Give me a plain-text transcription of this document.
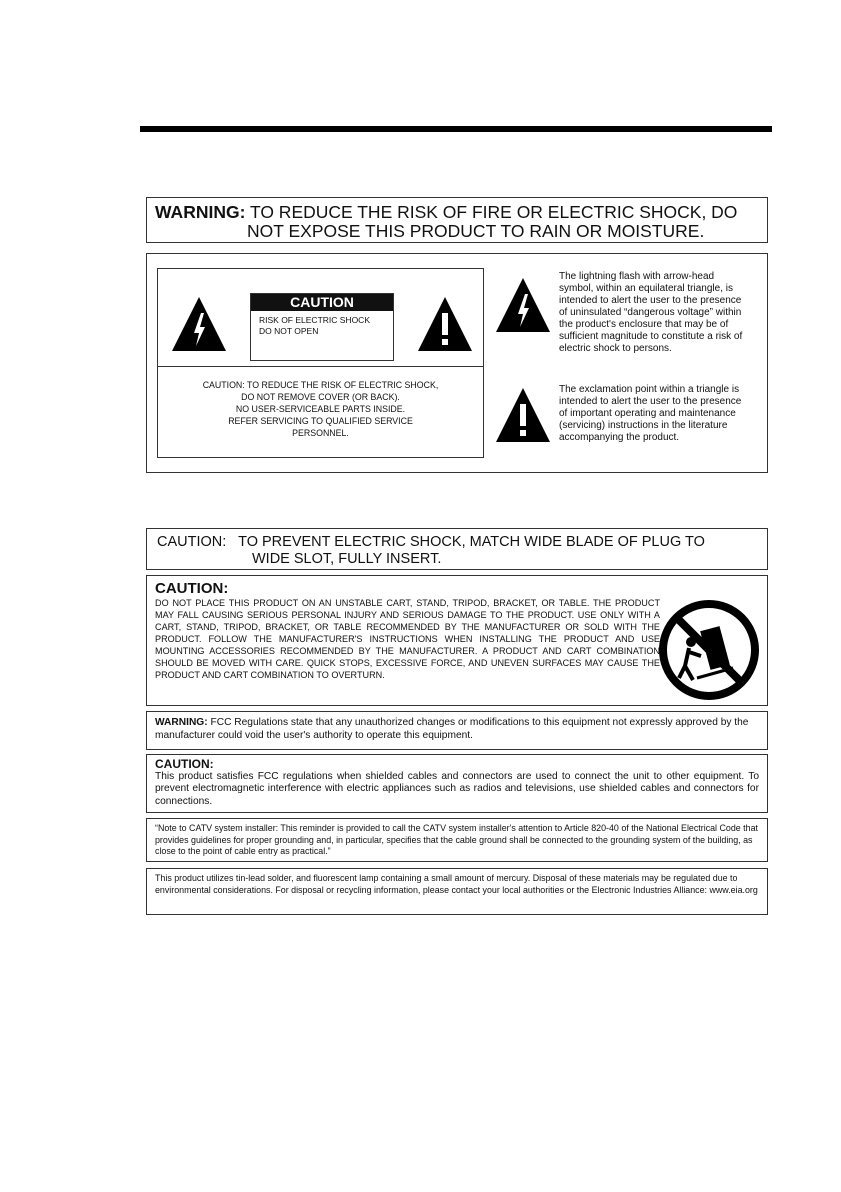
WARNING: TO REDUCE THE RISK OF FIRE OR ELECTRIC SHOCK, DO
NOT EXPOSE THIS PRODUCT TO RAIN OR MOISTURE.
CAUTION
RISK OF ELECTRIC SHOCK
DO NOT OPEN
CAUTION: TO REDUCE THE RISK OF ELECTRIC SHOCK,
DO NOT REMOVE COVER (OR BACK).
NO USER-SERVICEABLE PARTS INSIDE.
REFER SERVICING TO QUALIFIED SERVICE
PERSONNEL.
The lightning flash with arrow-head symbol, within an equilateral triangle, is intended to alert the user to the presence of uninsulated “dangerous voltage” within the product's enclosure that may be of sufficient magnitude to constitute a risk of electric shock to persons.
The exclamation point within a triangle is intended to alert the user to the presence of important operating and maintenance (servicing) instructions in the literature accompanying the product.
CAUTION: TO PREVENT ELECTRIC SHOCK, MATCH WIDE BLADE OF PLUG TO
WIDE SLOT, FULLY INSERT.
CAUTION:

DO NOT PLACE THIS PRODUCT ON AN UNSTABLE CART, STAND, TRIPOD, BRACKET, OR TABLE. THE PRODUCT MAY FALL CAUSING SERIOUS PERSONAL INJURY AND SERIOUS DAMAGE TO THE PRODUCT. USE ONLY WITH A CART, STAND, TRIPOD, BRACKET, OR TABLE RECOMMENDED BY THE MANUFACTURER OR SOLD WITH THE PRODUCT. FOLLOW THE MANUFACTURER'S INSTRUCTIONS WHEN INSTALLING THE PRODUCT AND USE MOUNTING ACCESSORIES RECOMMENDED BY THE MANUFACTURER. A PRODUCT AND CART COMBINATION SHOULD BE MOVED WITH CARE. QUICK STOPS, EXCESSIVE FORCE, AND UNEVEN SURFACES MAY CAUSE THE PRODUCT AND CART COMBINATION TO OVERTURN.

WARNING: FCC Regulations state that any unauthorized changes or modifications to this equipment not expressly approved by the manufacturer could void the user's authority to operate this equipment.
CAUTION:
This product satisfies FCC regulations when shielded cables and connectors are used to connect the unit to other equipment. To prevent electromagnetic interference with electric appliances such as radios and televisions, use shielded cables and connectors for connections.
“Note to CATV system installer: This reminder is provided to call the CATV system installer's attention to Article 820-40 of the National Electrical Code that provides guidelines for proper grounding and, in particular, specifies that the cable ground shall be connected to the grounding system of the building, as close to the point of cable entry as practical.”
This product utilizes tin-lead solder, and fluorescent lamp containing a small amount of mercury. Disposal of these materials may be regulated due to environmental considerations. For disposal or recycling information, please contact your local authorities or the Electronic Industries Alliance: www.eia.org
